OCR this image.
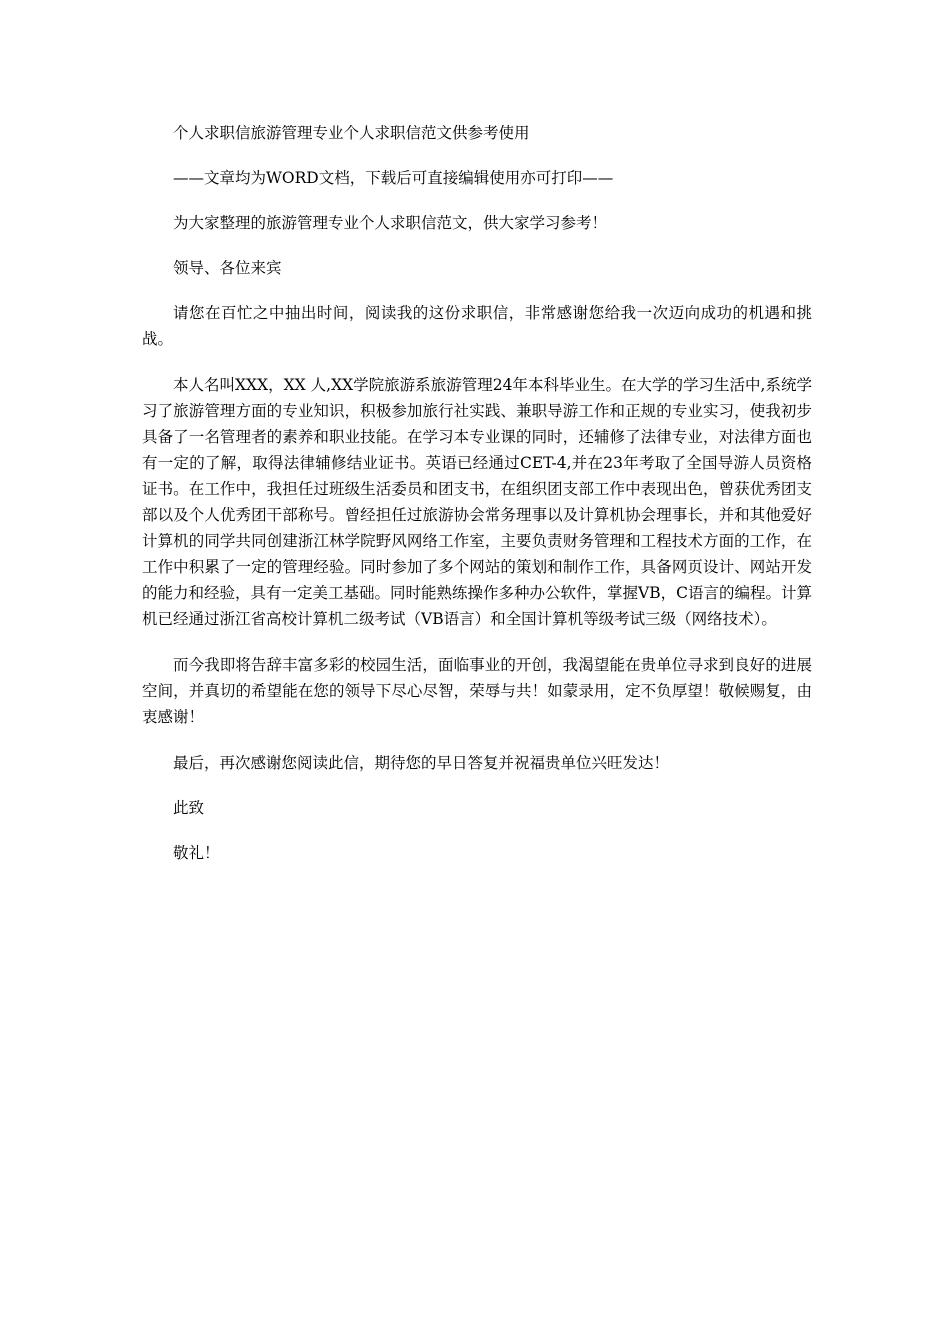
个人求职信旅游管理专业个人求职信范文供参考使用

——文章均为WORD文档，下载后可直接编辑使用亦可打印——

为大家整理的旅游管理专业个人求职信范文，供大家学习参考！

领导、各位来宾

请您在百忙之中抽出时间，阅读我的这份求职信，非常感谢您给我一次迈向成功的机遇和挑战。

本人名叫XXX，XX 人,XX学院旅游系旅游管理24年本科毕业生。在大学的学习生活中,系统学习了旅游管理方面的专业知识，积极参加旅行社实践、兼职导游工作和正规的专业实习，使我初步具备了一名管理者的素养和职业技能。在学习本专业课的同时，还辅修了法律专业，对法律方面也有一定的了解，取得法律辅修结业证书。英语已经通过CET-4,并在23年考取了全国导游人员资格证书。在工作中，我担任过班级生活委员和团支书，在组织团支部工作中表现出色，曾获优秀团支部以及个人优秀团干部称号。曾经担任过旅游协会常务理事以及计算机协会理事长，并和其他爱好计算机的同学共同创建浙江林学院野风网络工作室，主要负责财务管理和工程技术方面的工作，在工作中积累了一定的管理经验。同时参加了多个网站的策划和制作工作，具备网页设计、网站开发的能力和经验，具有一定美工基础。同时能熟练操作多种办公软件，掌握VB，C语言的编程。计算机已经通过浙江省高校计算机二级考试（VB语言）和全国计算机等级考试三级（网络技术）。

而今我即将告辞丰富多彩的校园生活，面临事业的开创，我渴望能在贵单位寻求到良好的进展空间，并真切的希望能在您的领导下尽心尽智，荣辱与共！如蒙录用，定不负厚望！敬候赐复，由衷感谢！

最后，再次感谢您阅读此信，期待您的早日答复并祝福贵单位兴旺发达！

此致

敬礼！
